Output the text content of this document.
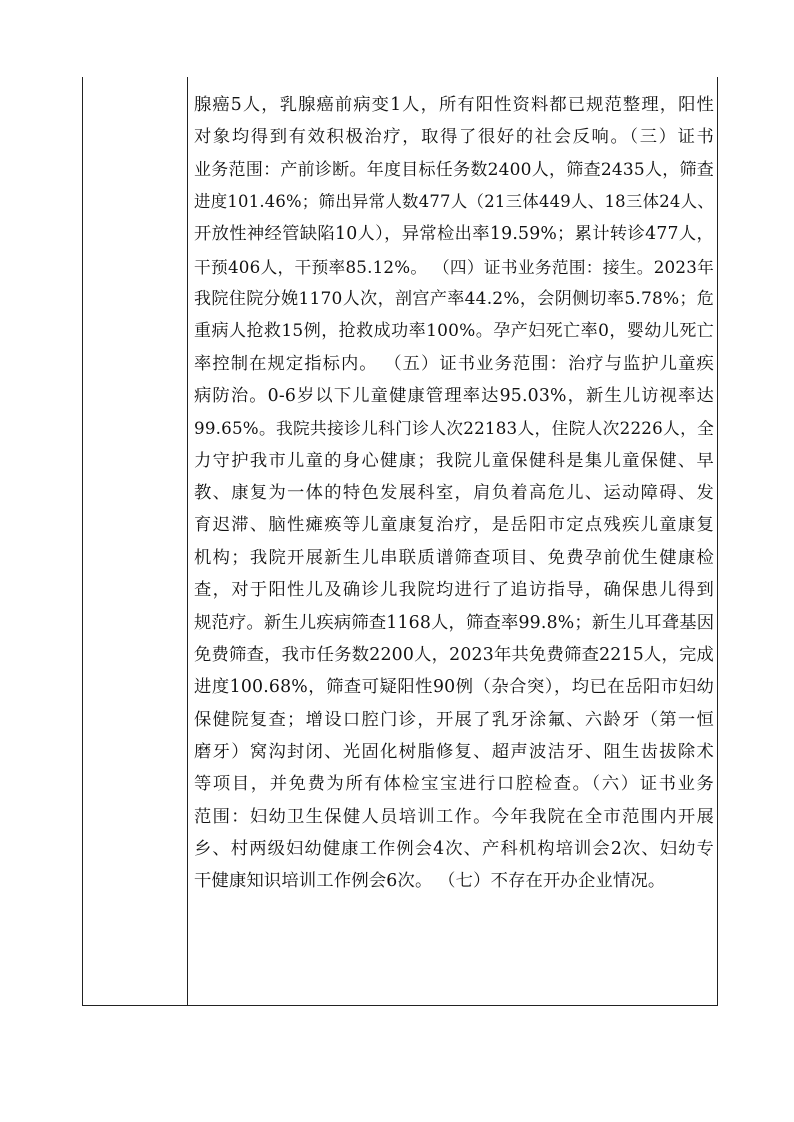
腺癌5人，乳腺癌前病变1人，所有阳性资料都已规范整理，阳性
对象均得到有效积极治疗，取得了很好的社会反响。（三）证书
业务范围：产前诊断。年度目标任务数2400人，筛查2435人，筛查
进度101.46%；筛出异常人数477人（21三体449人、18三体24人、
开放性神经管缺陷10人），异常检出率19.59%；累计转诊477人，
干预406人，干预率85.12%。 （四）证书业务范围：接生。2023年
我院住院分娩1170人次，剖宫产率44.2%，会阴侧切率5.78%；危
重病人抢救15例，抢救成功率100%。孕产妇死亡率0，婴幼儿死亡
率控制在规定指标内。 （五）证书业务范围：治疗与监护儿童疾
病防治。0-6岁以下儿童健康管理率达95.03%，新生儿访视率达
99.65%。我院共接诊儿科门诊人次22183人，住院人次2226人，全
力守护我市儿童的身心健康；我院儿童保健科是集儿童保健、早
教、康复为一体的特色发展科室，肩负着高危儿、运动障碍、发
育迟滞、脑性瘫痪等儿童康复治疗，是岳阳市定点残疾儿童康复
机构；我院开展新生儿串联质谱筛查项目、免费孕前优生健康检
查，对于阳性儿及确诊儿我院均进行了追访指导，确保患儿得到
规范疗。新生儿疾病筛查1168人，筛查率99.8%；新生儿耳聋基因
免费筛查，我市任务数2200人，2023年共免费筛查2215人，完成
进度100.68%，筛查可疑阳性90例（杂合突），均已在岳阳市妇幼
保健院复查；增设口腔门诊，开展了乳牙涂氟、六龄牙（第一恒
磨牙）窝沟封闭、光固化树脂修复、超声波洁牙、阻生齿拔除术
等项目，并免费为所有体检宝宝进行口腔检查。（六）证书业务
范围：妇幼卫生保健人员培训工作。今年我院在全市范围内开展
乡、村两级妇幼健康工作例会4次、产科机构培训会2次、妇幼专
干健康知识培训工作例会6次。 （七）不存在开办企业情况。
